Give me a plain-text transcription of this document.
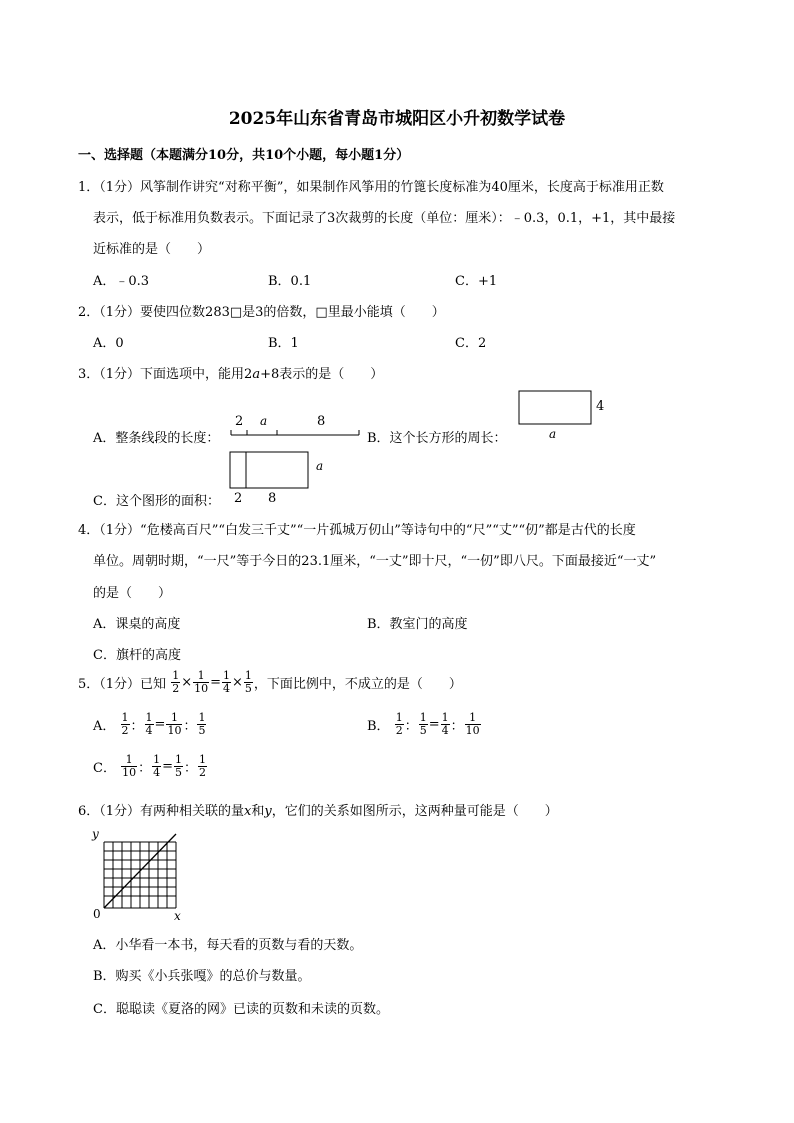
2025年山东省青岛市城阳区小升初数学试卷
一、选择题（本题满分10分，共10个小题，每小题1分）
1．（1分）风筝制作讲究“对称平衡”，如果制作风筝用的竹篦长度标准为40厘米，长度高于标准用正数
表示，低于标准用负数表示。下面记录了3次裁剪的长度（单位：厘米）：﹣0.3，0.1，+1，其中最接
近标准的是（　　）
A．﹣0.3	B．0.1	C．+1
2．（1分）要使四位数283□是3的倍数，□里最小能填（　　）
A．0	B．1	C．2
3．（1分）下面选项中，能用2a+8表示的是（　　）
A．整条线段的长度：
2 a	8
B．这个长方形的周长：
4
a
C．这个图形的面积：
a
2 8
4．（1分）“危楼高百尺”“白发三千丈”“一片孤城万仞山”等诗句中的“尺”“丈”“仞”都是古代的长度
单位。周朝时期，“一尺”等于今日的23.1厘米，“一丈”即十尺，“一仞”即八尺。下面最接近“一丈”
的是（　　）
A．课桌的高度	B．教室门的高度
C．旗杆的高度
5．（1分）已知 $\frac{1}{2} \times \frac{1}{10} = \frac{1}{4} \times \frac{1}{5}$ ，下面比例中，不成立的是（　　）
A． $\frac{1}{2}$ ： $\frac{1}{4} = \frac{1}{10}$ ： $\frac{1}{5}$	B． $\frac{1}{2}$ ： $\frac{1}{5} = \frac{1}{4}$ ： $\frac{1}{10}$
C． $\frac{1}{10}$ ： $\frac{1}{4} = \frac{1}{5}$ ： $\frac{1}{2}$
6．（1分）有两种相关联的量x和y，它们的关系如图所示，这两种量可能是（　　）
y
x
0
A．小华看一本书，每天看的页数与看的天数。
B．购买《小兵张嘎》的总价与数量。
C．聪聪读《夏洛的网》已读的页数和未读的页数。
